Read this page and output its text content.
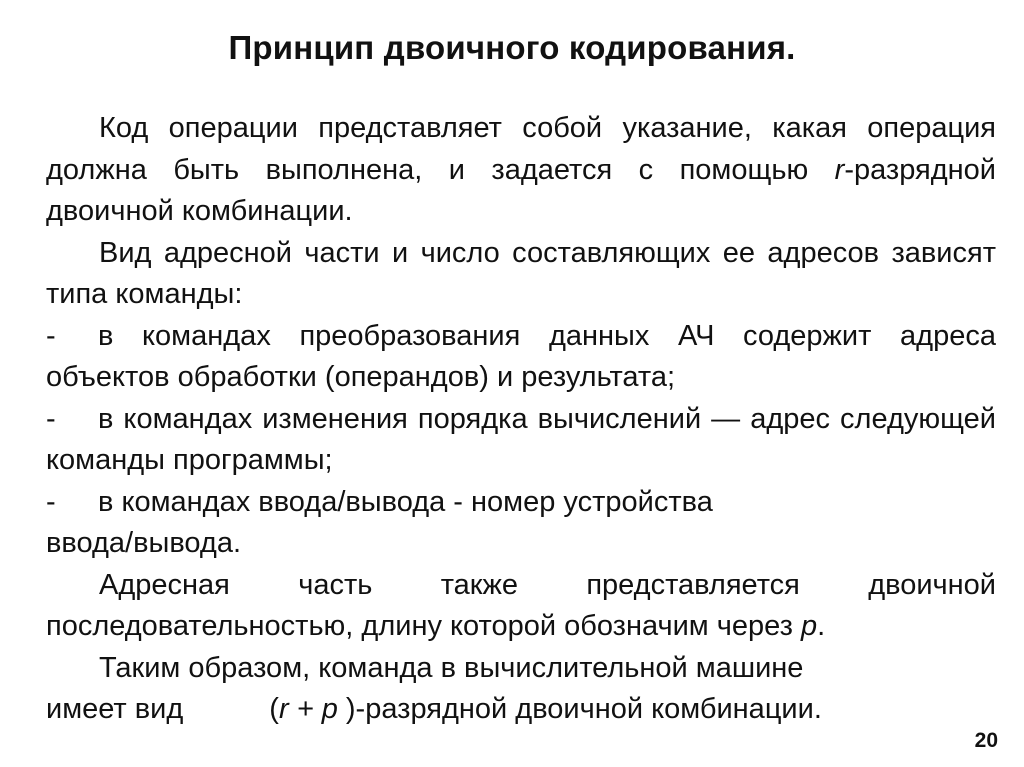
Принцип двоичного кодирования.

Код операции представляет собой указание, какая операция должна быть выполнена, и задается с помощью r-разрядной двоичной комбинации.

Вид адресной части и число составляющих ее адресов зависят типа команды:

- в командах преобразования данных АЧ содержит адреса объектов обработки (операндов) и результата;

- в командах изменения порядка вычислений — адрес следующей команды программы;

- в командах ввода/вывода - номер устройства

ввода/вывода.

Адресная часть также представляется двоичной последовательностью, длину которой обозначим через p.

Таким образом, команда в вычислительной машине

имеет вид	(r + p )-разрядной двоичной комбинации.

20
